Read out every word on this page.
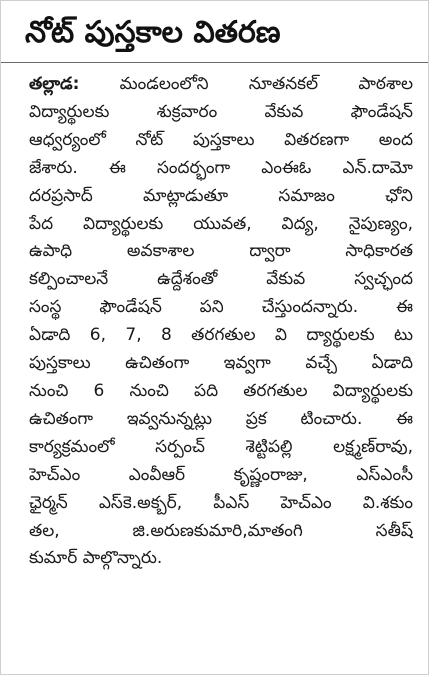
నోట్ పుస్తకాల వితరణ
తల్లాడ: మండలంలోని నూతనకల్ పాఠశాల
విద్యార్థులకు శుక్రవారం వేకువ ఫౌండేషన్
ఆధ్వర్యంలో నోట్ పుస్తకాలు వితరణగా అంద
జేశారు. ఈ సందర్భంగా ఎంఈఓ ఎన్.దామో
దరప్రసాద్ మాట్లాడుతూ సమాజం ఛోని
పేద విద్యార్థులకు యువత, విద్య, నైపుణ్యం,
ఉపాధి అవకాశాల ద్వారా సాధికారత
కల్పించాలనే ఉద్దేశంతో వేకువ స్వచ్ఛంద
సంస్థ ఫౌండేషన్ పని చేస్తుందన్నారు. ఈ
ఏడాది 6, 7, 8 తరగతుల వి ద్యార్థులకు టు
పుస్తకాలు ఉచితంగా ఇవ్వగా వచ్చే ఏడాది
నుంచి 6 నుంచి పది తరగతుల విద్యార్థులకు
ఉచితంగా ఇవ్వనున్నట్లు ప్రక టించారు. ఈ
కార్యక్రమంలో సర్పంచ్ శెట్టిపల్లి లక్ష్మణ్‌రావు,
హెచ్ఎం ఎంవీఆర్ కృష్ణంరాజు, ఎస్ఎంసీ
ఛైర్మన్ ఎస్‌కె.అక్బర్, పీఎస్ హెచ్ఎం వి.శకుం
తల, జి.అరుణకుమారి,మాతంగి సతీష్
కుమార్ పాల్గొన్నారు.
